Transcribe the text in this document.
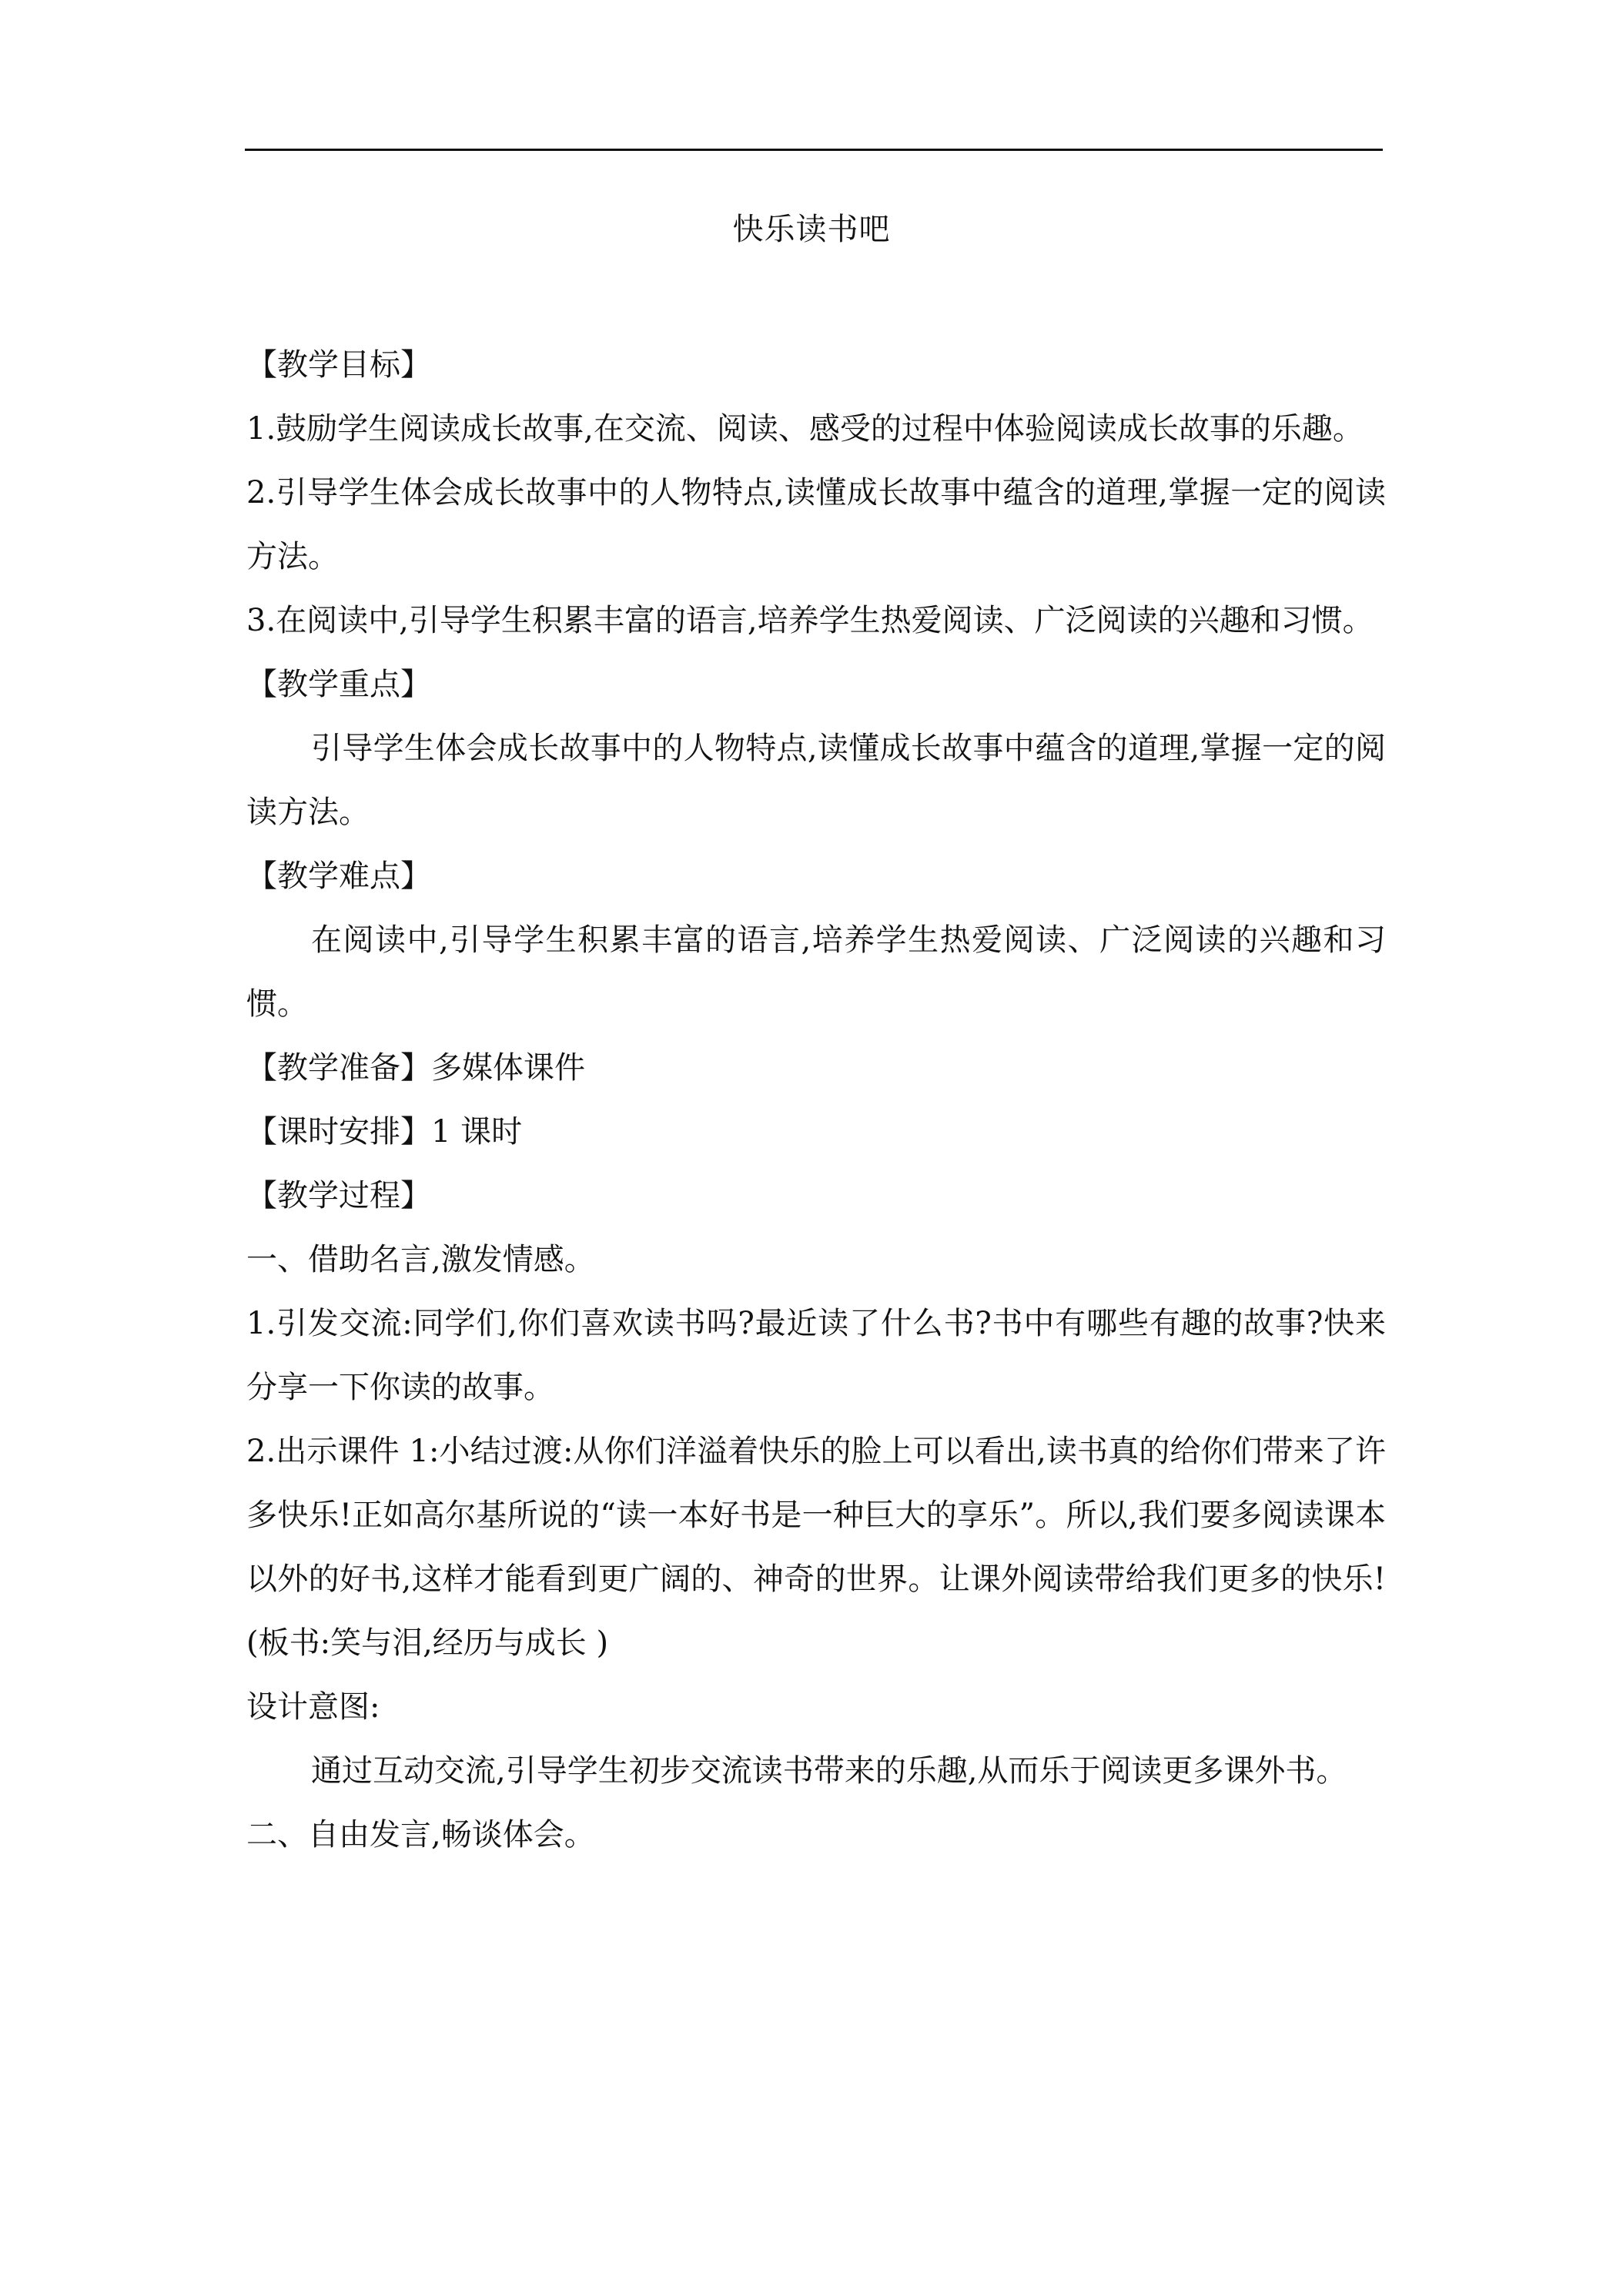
快乐读书吧

【教学目标】

1.鼓励学生阅读成长故事,在交流、阅读、感受的过程中体验阅读成长故事的乐趣。

2.引导学生体会成长故事中的人物特点,读懂成长故事中蕴含的道理,掌握一定的阅读方法。

3.在阅读中,引导学生积累丰富的语言,培养学生热爱阅读、广泛阅读的兴趣和习惯。

【教学重点】

引导学生体会成长故事中的人物特点,读懂成长故事中蕴含的道理,掌握一定的阅读方法。

【教学难点】

在阅读中,引导学生积累丰富的语言,培养学生热爱阅读、广泛阅读的兴趣和习惯。

【教学准备】多媒体课件

【课时安排】1 课时

【教学过程】

一、借助名言,激发情感。

1.引发交流:同学们,你们喜欢读书吗?最近读了什么书?书中有哪些有趣的故事?快来分享一下你读的故事。

2.出示课件 1:小结过渡:从你们洋溢着快乐的脸上可以看出,读书真的给你们带来了许多快乐!正如高尔基所说的“读一本好书是一种巨大的享乐”。所以,我们要多阅读课本以外的好书,这样才能看到更广阔的、神奇的世界。让课外阅读带给我们更多的快乐!(板书:笑与泪,经历与成长 )

设计意图:

通过互动交流,引导学生初步交流读书带来的乐趣,从而乐于阅读更多课外书。

二、自由发言,畅谈体会。
